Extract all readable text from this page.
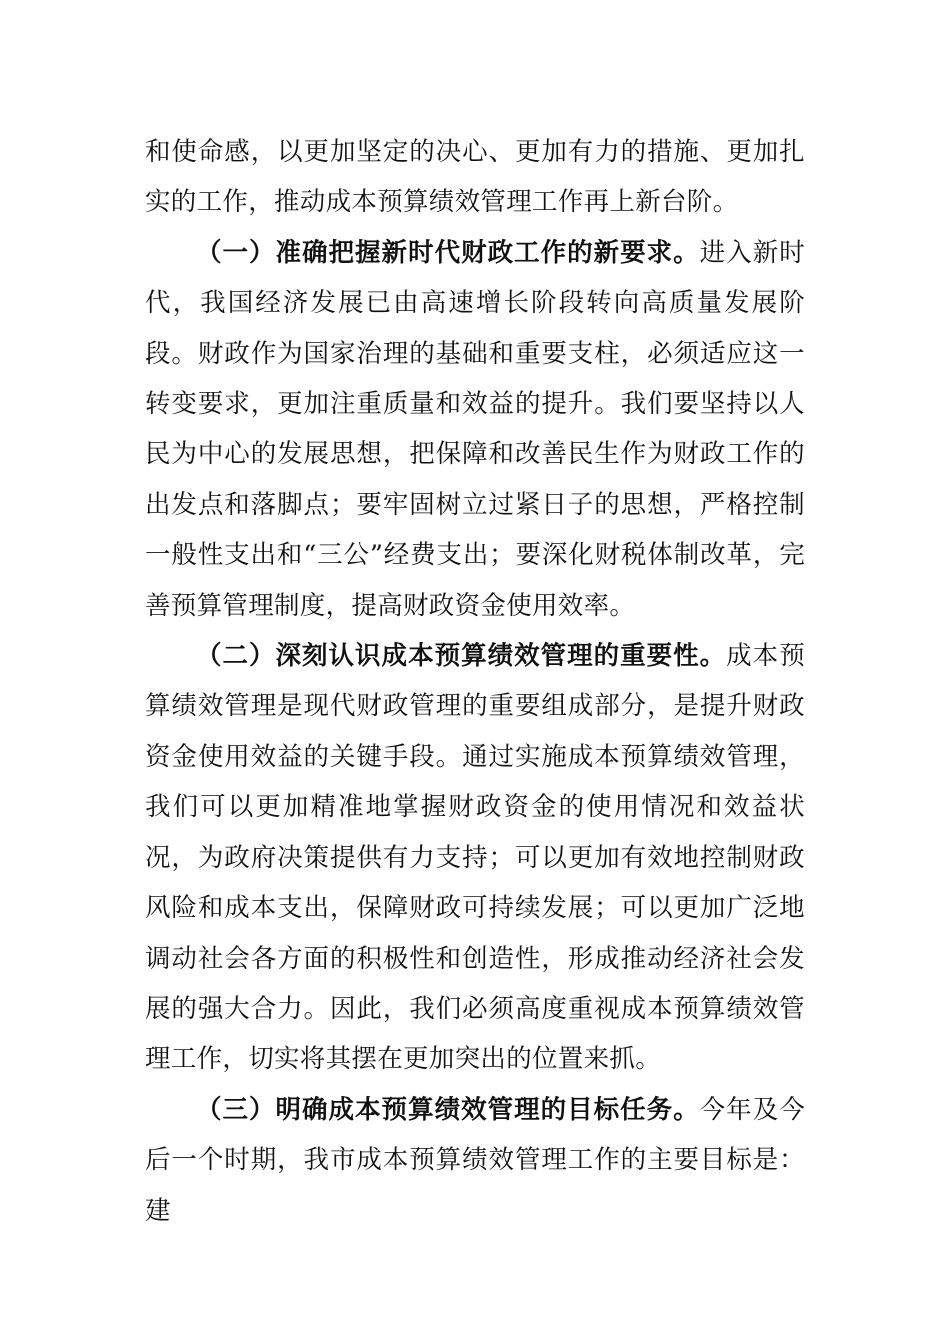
和使命感，以更加坚定的决心、更加有力的措施、更加扎实的工作，推动成本预算绩效管理工作再上新台阶。

（一）准确把握新时代财政工作的新要求。进入新时代，我国经济发展已由高速增长阶段转向高质量发展阶段。财政作为国家治理的基础和重要支柱，必须适应这一转变要求，更加注重质量和效益的提升。我们要坚持以人民为中心的发展思想，把保障和改善民生作为财政工作的出发点和落脚点；要牢固树立过紧日子的思想，严格控制一般性支出和“三公”经费支出；要深化财税体制改革，完善预算管理制度，提高财政资金使用效率。

（二）深刻认识成本预算绩效管理的重要性。成本预算绩效管理是现代财政管理的重要组成部分，是提升财政资金使用效益的关键手段。通过实施成本预算绩效管理，我们可以更加精准地掌握财政资金的使用情况和效益状况，为政府决策提供有力支持；可以更加有效地控制财政风险和成本支出，保障财政可持续发展；可以更加广泛地调动社会各方面的积极性和创造性，形成推动经济社会发展的强大合力。因此，我们必须高度重视成本预算绩效管理工作，切实将其摆在更加突出的位置来抓。

（三）明确成本预算绩效管理的目标任务。今年及今后一个时期，我市成本预算绩效管理工作的主要目标是：建
